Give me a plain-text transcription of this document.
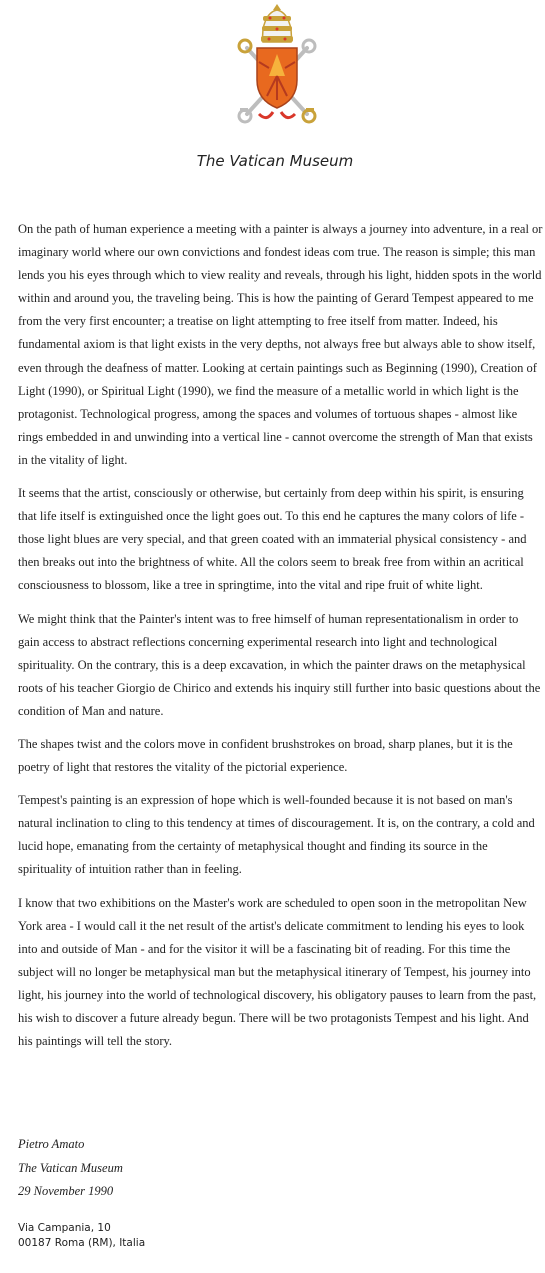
The Vatican Museum

On the path of human experience a meeting with a painter is always a journey into adventure, in a real or imaginary world where our own convictions and fondest ideas com true. The reason is simple; this man lends you his eyes through which to view reality and reveals, through his light, hidden spots in the world within and around you, the traveling being. This is how the painting of Gerard Tempest appeared to me from the very first encounter; a treatise on light attempting to free itself from matter. Indeed, his fundamental axiom is that light exists in the very depths, not always free but always able to show itself, even through the deafness of matter. Looking at certain paintings such as Beginning (1990), Creation of Light (1990), or Spiritual Light (1990), we find the measure of a metallic world in which light is the protagonist. Technological progress, among the spaces and volumes of tortuous shapes - almost like rings embedded in and unwinding into a vertical line - cannot overcome the strength of Man that exists in the vitality of light.

It seems that the artist, consciously or otherwise, but certainly from deep within his spirit, is ensuring that life itself is extinguished once the light goes out. To this end he captures the many colors of life - those light blues are very special, and that green coated with an immaterial physical consistency - and then breaks out into the brightness of white. All the colors seem to break free from within an acritical consciousness to blossom, like a tree in springtime, into the vital and ripe fruit of white light.

We might think that the Painter's intent was to free himself of human representationalism in order to gain access to abstract reflections concerning experimental research into light and technological spirituality. On the contrary, this is a deep excavation, in which the painter draws on the metaphysical roots of his teacher Giorgio de Chirico and extends his inquiry still further into basic questions about the condition of Man and nature.

The shapes twist and the colors move in confident brushstrokes on broad, sharp planes, but it is the poetry of light that restores the vitality of the pictorial experience.

Tempest's painting is an expression of hope which is well-founded because it is not based on man's natural inclination to cling to this tendency at times of discouragement. It is, on the contrary, a cold and lucid hope, emanating from the certainty of metaphysical thought and finding its source in the spirituality of intuition rather than in feeling.

I know that two exhibitions on the Master's work are scheduled to open soon in the metropolitan New York area - I would call it the net result of the artist's delicate commitment to lending his eyes to look into and outside of Man - and for the visitor it will be a fascinating bit of reading. For this time the subject will no longer be metaphysical man but the metaphysical itinerary of Tempest, his journey into light, his journey into the world of technological discovery, his obligatory pauses to learn from the past, his wish to discover a future already begun. There will be two protagonists Tempest and his light. And his paintings will tell the story.

Pietro Amato
The Vatican Museum
29 November 1990
Via Campania, 10
00187 Roma (RM), Italia
